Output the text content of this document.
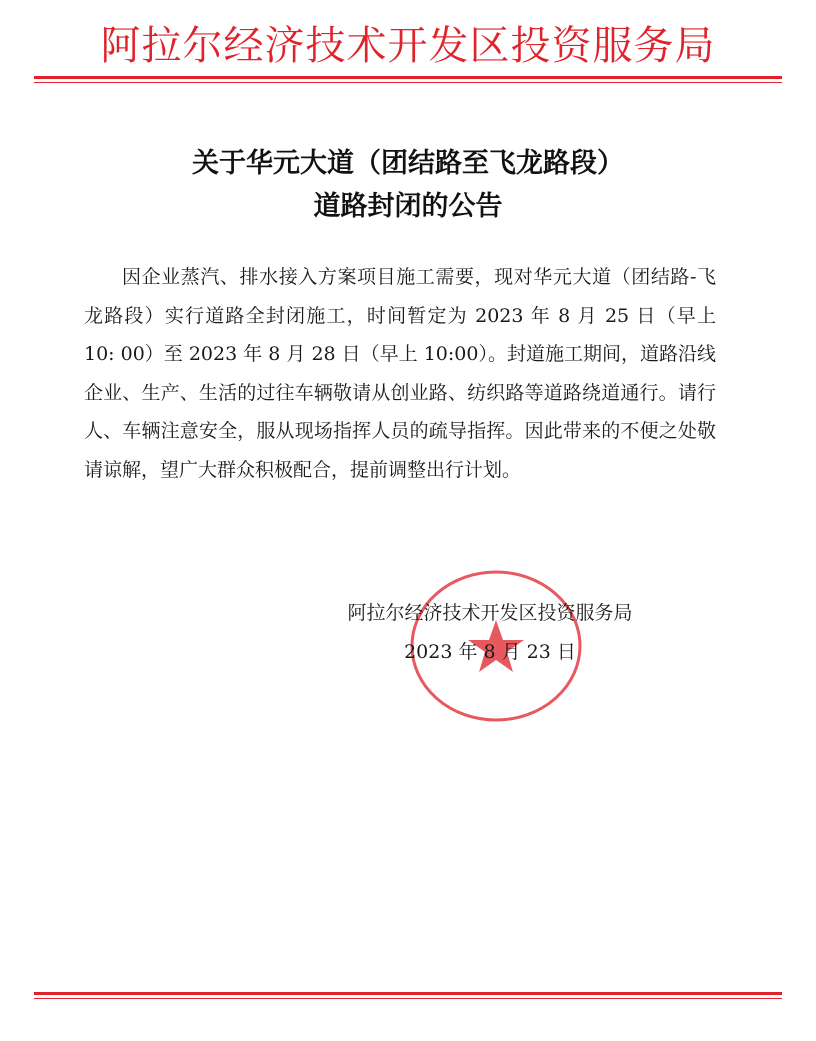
阿拉尔经济技术开发区投资服务局
关于华元大道（团结路至飞龙路段）
道路封闭的公告
因企业蒸汽、排水接入方案项目施工需要，现对华元大道（团结路-飞龙路段）实行道路全封闭施工，时间暂定为 2023 年 8 月 25 日（早上 10: 00）至 2023 年 8 月 28 日（早上 10:00）。封道施工期间，道路沿线企业、生产、生活的过往车辆敬请从创业路、纺织路等道路绕道通行。请行人、车辆注意安全，服从现场指挥人员的疏导指挥。因此带来的不便之处敬请谅解，望广大群众积极配合，提前调整出行计划。
阿拉尔经济技术开发区投资服务局
2023 年 8 月 23 日
